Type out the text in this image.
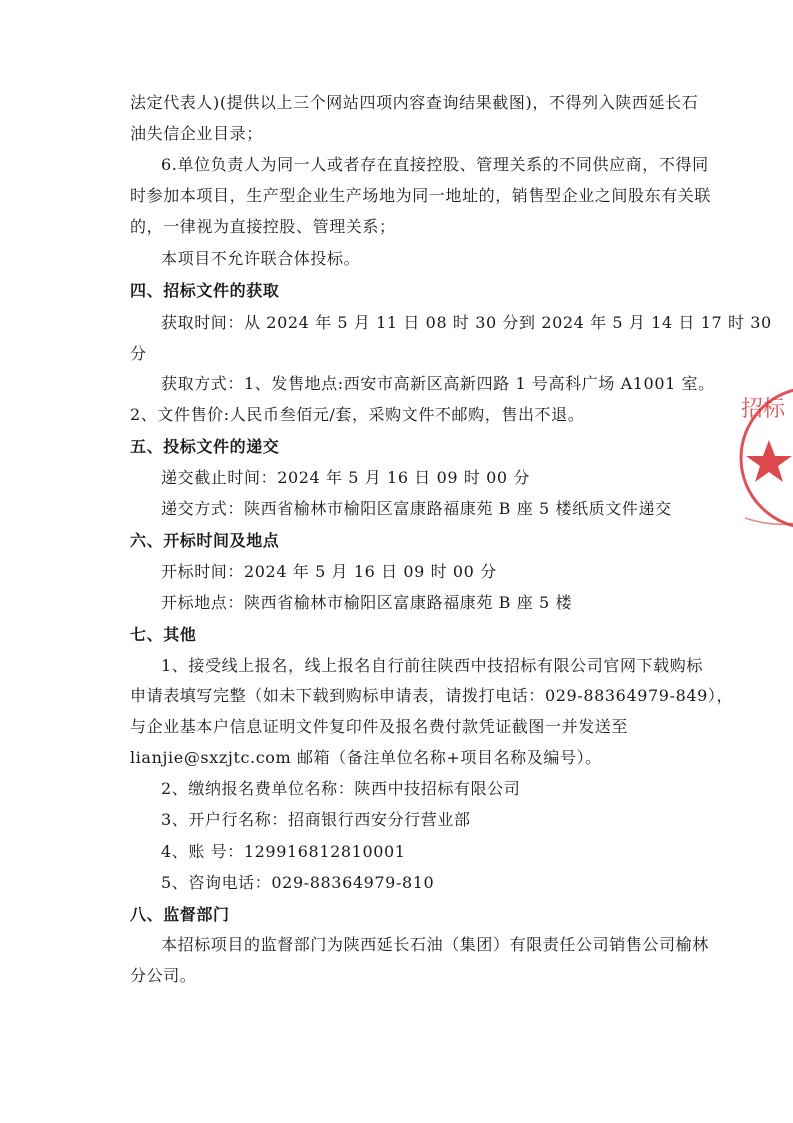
法定代表人)(提供以上三个网站四项内容查询结果截图)，不得列入陕西延长石
油失信企业目录；
6.单位负责人为同一人或者存在直接控股、管理关系的不同供应商，不得同
时参加本项目，生产型企业生产场地为同一地址的，销售型企业之间股东有关联
的，一律视为直接控股、管理关系；
本项目不允许联合体投标。
四、招标文件的获取
获取时间：从 2024 年 5 月 11 日 08 时 30 分到 2024 年 5 月 14 日 17 时 30
分
获取方式：1、发售地点:西安市高新区高新四路 1 号高科广场 A1001 室。
2、文件售价:人民币叁佰元/套，采购文件不邮购，售出不退。
五、投标文件的递交
递交截止时间：2024 年 5 月 16 日 09 时 00 分
递交方式：陕西省榆林市榆阳区富康路福康苑 B 座 5 楼纸质文件递交
六、开标时间及地点
开标时间：2024 年 5 月 16 日 09 时 00 分
开标地点：陕西省榆林市榆阳区富康路福康苑 B 座 5 楼
七、其他
1、接受线上报名，线上报名自行前往陕西中技招标有限公司官网下载购标
申请表填写完整（如未下载到购标申请表，请拨打电话：029-88364979-849），
与企业基本户信息证明文件复印件及报名费付款凭证截图一并发送至
lianjie@sxzjtc.com 邮箱（备注单位名称+项目名称及编号）。
2、缴纳报名费单位名称：陕西中技招标有限公司
3、开户行名称：招商银行西安分行营业部
4、账 号：129916812810001
5、咨询电话：029-88364979-810
八、监督部门
本招标项目的监督部门为陕西延长石油（集团）有限责任公司销售公司榆林
分公司。
招标
